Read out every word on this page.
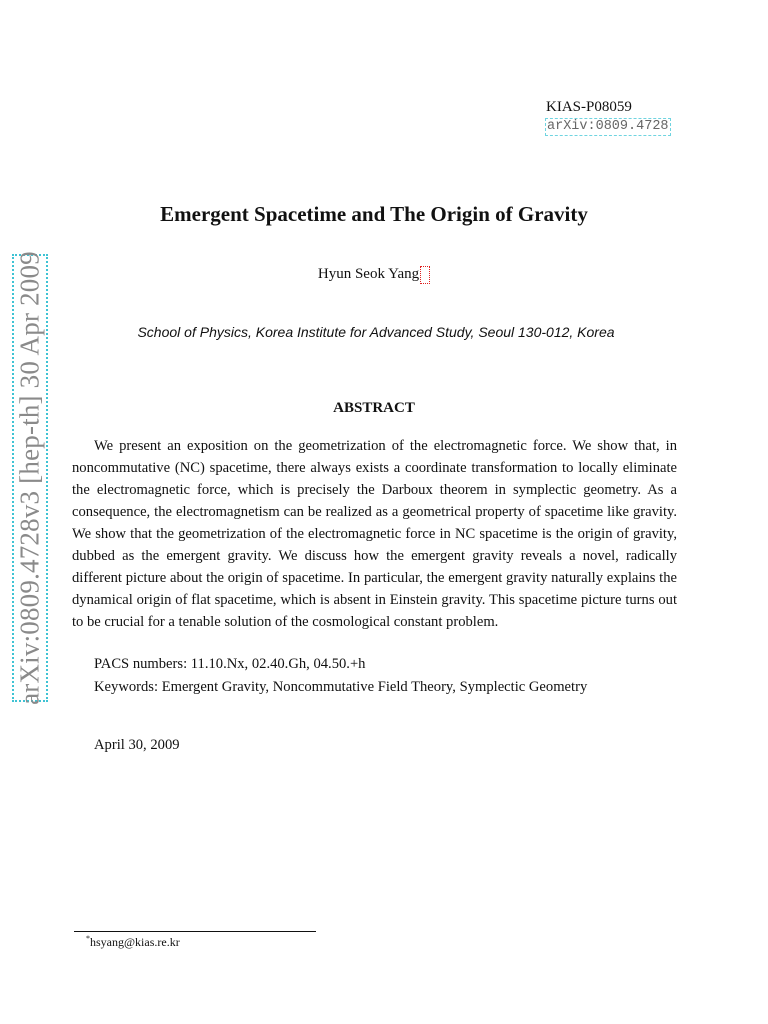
arXiv:0809.4728v3 [hep-th] 30 Apr 2009
KIAS-P08059
arXiv:0809.4728
Emergent Spacetime and The Origin of Gravity
Hyun Seok Yang
School of Physics, Korea Institute for Advanced Study, Seoul 130-012, Korea
ABSTRACT

We present an exposition on the geometrization of the electromagnetic force. We show that, in noncommutative (NC) spacetime, there always exists a coordinate transformation to locally eliminate the electromagnetic force, which is precisely the Darboux theorem in symplectic geometry. As a consequence, the electromagnetism can be realized as a geometrical property of spacetime like gravity. We show that the geometrization of the electromagnetic force in NC spacetime is the origin of gravity, dubbed as the emergent gravity. We discuss how the emergent gravity reveals a novel, radically different picture about the origin of spacetime. In particular, the emergent gravity naturally explains the dynamical origin of flat spacetime, which is absent in Einstein gravity. This spacetime picture turns out to be crucial for a tenable solution of the cosmological constant problem.

PACS numbers: 11.10.Nx, 02.40.Gh, 04.50.+h
Keywords: Emergent Gravity, Noncommutative Field Theory, Symplectic Geometry
April 30, 2009
*hsyang@kias.re.kr
